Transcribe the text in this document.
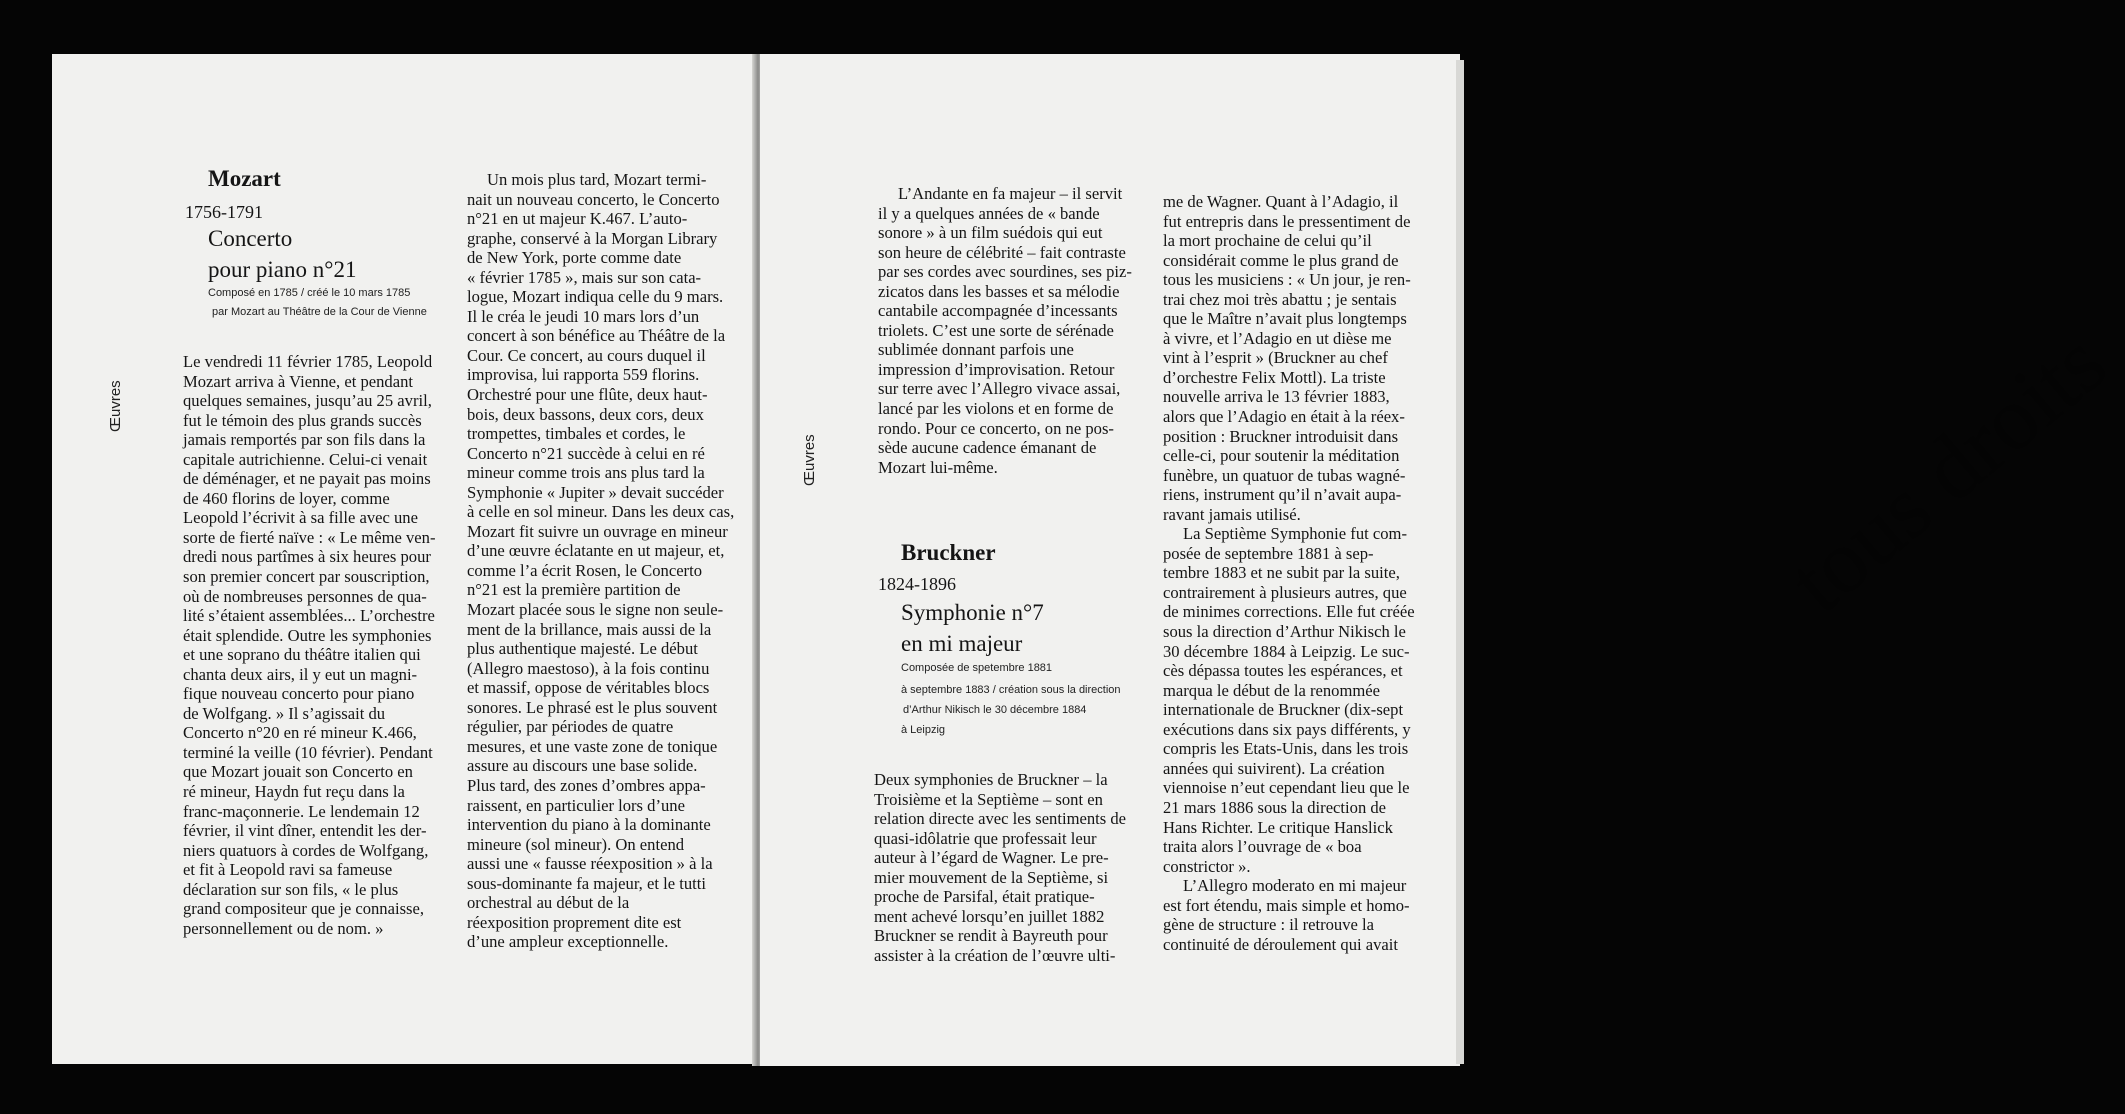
Œuvres
Mozart
1756-1791
Concerto
pour piano n°21
Composé en 1785 / créé le 10 mars 1785
par Mozart au Théâtre de la Cour de Vienne
Le vendredi 11 février 1785, Leopold
Mozart arriva à Vienne, et pendant
quelques semaines, jusqu’au 25 avril,
fut le témoin des plus grands succès
jamais remportés par son fils dans la
capitale autrichienne. Celui-ci venait
de déménager, et ne payait pas moins
de 460 florins de loyer, comme
Leopold l’écrivit à sa fille avec une
sorte de fierté naïve : « Le même ven-
dredi nous partîmes à six heures pour
son premier concert par souscription,
où de nombreuses personnes de qua-
lité s’étaient assemblées... L’orchestre
était splendide. Outre les symphonies
et une soprano du théâtre italien qui
chanta deux airs, il y eut un magni-
fique nouveau concerto pour piano
de Wolfgang. » Il s’agissait du
Concerto n°20 en ré mineur K.466,
terminé la veille (10 février). Pendant
que Mozart jouait son Concerto en
ré mineur, Haydn fut reçu dans la
franc-maçonnerie. Le lendemain 12
février, il vint dîner, entendit les der-
niers quatuors à cordes de Wolfgang,
et fit à Leopold ravi sa fameuse
déclaration sur son fils, « le plus
grand compositeur que je connaisse,
personnellement ou de nom. »
Un mois plus tard, Mozart termi-
nait un nouveau concerto, le Concerto
n°21 en ut majeur K.467. L’auto-
graphe, conservé à la Morgan Library
de New York, porte comme date
« février 1785 », mais sur son cata-
logue, Mozart indiqua celle du 9 mars.
Il le créa le jeudi 10 mars lors d’un
concert à son bénéfice au Théâtre de la
Cour. Ce concert, au cours duquel il
improvisa, lui rapporta 559 florins.
Orchestré pour une flûte, deux haut-
bois, deux bassons, deux cors, deux
trompettes, timbales et cordes, le
Concerto n°21 succède à celui en ré
mineur comme trois ans plus tard la
Symphonie « Jupiter » devait succéder
à celle en sol mineur. Dans les deux cas,
Mozart fit suivre un ouvrage en mineur
d’une œuvre éclatante en ut majeur, et,
comme l’a écrit Rosen, le Concerto
n°21 est la première partition de
Mozart placée sous le signe non seule-
ment de la brillance, mais aussi de la
plus authentique majesté. Le début
(Allegro maestoso), à la fois continu
et massif, oppose de véritables blocs
sonores. Le phrasé est le plus souvent
régulier, par périodes de quatre
mesures, et une vaste zone de tonique
assure au discours une base solide.
Plus tard, des zones d’ombres appa-
raissent, en particulier lors d’une
intervention du piano à la dominante
mineure (sol mineur). On entend
aussi une « fausse réexposition » à la
sous-dominante fa majeur, et le tutti
orchestral au début de la
réexposition proprement dite est
d’une ampleur exceptionnelle.
tous droits
Œuvres
L’Andante en fa majeur – il servit
il y a quelques années de « bande
sonore » à un film suédois qui eut
son heure de célébrité – fait contraste
par ses cordes avec sourdines, ses piz-
zicatos dans les basses et sa mélodie
cantabile accompagnée d’incessants
triolets. C’est une sorte de sérénade
sublimée donnant parfois une
impression d’improvisation. Retour
sur terre avec l’Allegro vivace assai,
lancé par les violons et en forme de
rondo. Pour ce concerto, on ne pos-
sède aucune cadence émanant de
Mozart lui-même.
Bruckner
1824-1896
Symphonie n°7
en mi majeur
Composée de spetembre 1881
à septembre 1883 / création sous la direction
d’Arthur Nikisch le 30 décembre 1884
à Leipzig
Deux symphonies de Bruckner – la
Troisième et la Septième – sont en
relation directe avec les sentiments de
quasi-idôlatrie que professait leur
auteur à l’égard de Wagner. Le pre-
mier mouvement de la Septième, si
proche de Parsifal, était pratique-
ment achevé lorsqu’en juillet 1882
Bruckner se rendit à Bayreuth pour
assister à la création de l’œuvre ulti-
me de Wagner. Quant à l’Adagio, il
fut entrepris dans le pressentiment de
la mort prochaine de celui qu’il
considérait comme le plus grand de
tous les musiciens : « Un jour, je ren-
trai chez moi très abattu ; je sentais
que le Maître n’avait plus longtemps
à vivre, et l’Adagio en ut dièse me
vint à l’esprit » (Bruckner au chef
d’orchestre Felix Mottl). La triste
nouvelle arriva le 13 février 1883,
alors que l’Adagio en était à la réex-
position : Bruckner introduisit dans
celle-ci, pour soutenir la méditation
funèbre, un quatuor de tubas wagné-
riens, instrument qu’il n’avait aupa-
ravant jamais utilisé.
La Septième Symphonie fut com-
posée de septembre 1881 à sep-
tembre 1883 et ne subit par la suite,
contrairement à plusieurs autres, que
de minimes corrections. Elle fut créée
sous la direction d’Arthur Nikisch le
30 décembre 1884 à Leipzig. Le suc-
cès dépassa toutes les espérances, et
marqua le début de la renommée
internationale de Bruckner (dix-sept
exécutions dans six pays différents, y
compris les Etats-Unis, dans les trois
années qui suivirent). La création
viennoise n’eut cependant lieu que le
21 mars 1886 sous la direction de
Hans Richter. Le critique Hanslick
traita alors l’ouvrage de « boa
constrictor ».
L’Allegro moderato en mi majeur
est fort étendu, mais simple et homo-
gène de structure : il retrouve la
continuité de déroulement qui avait
